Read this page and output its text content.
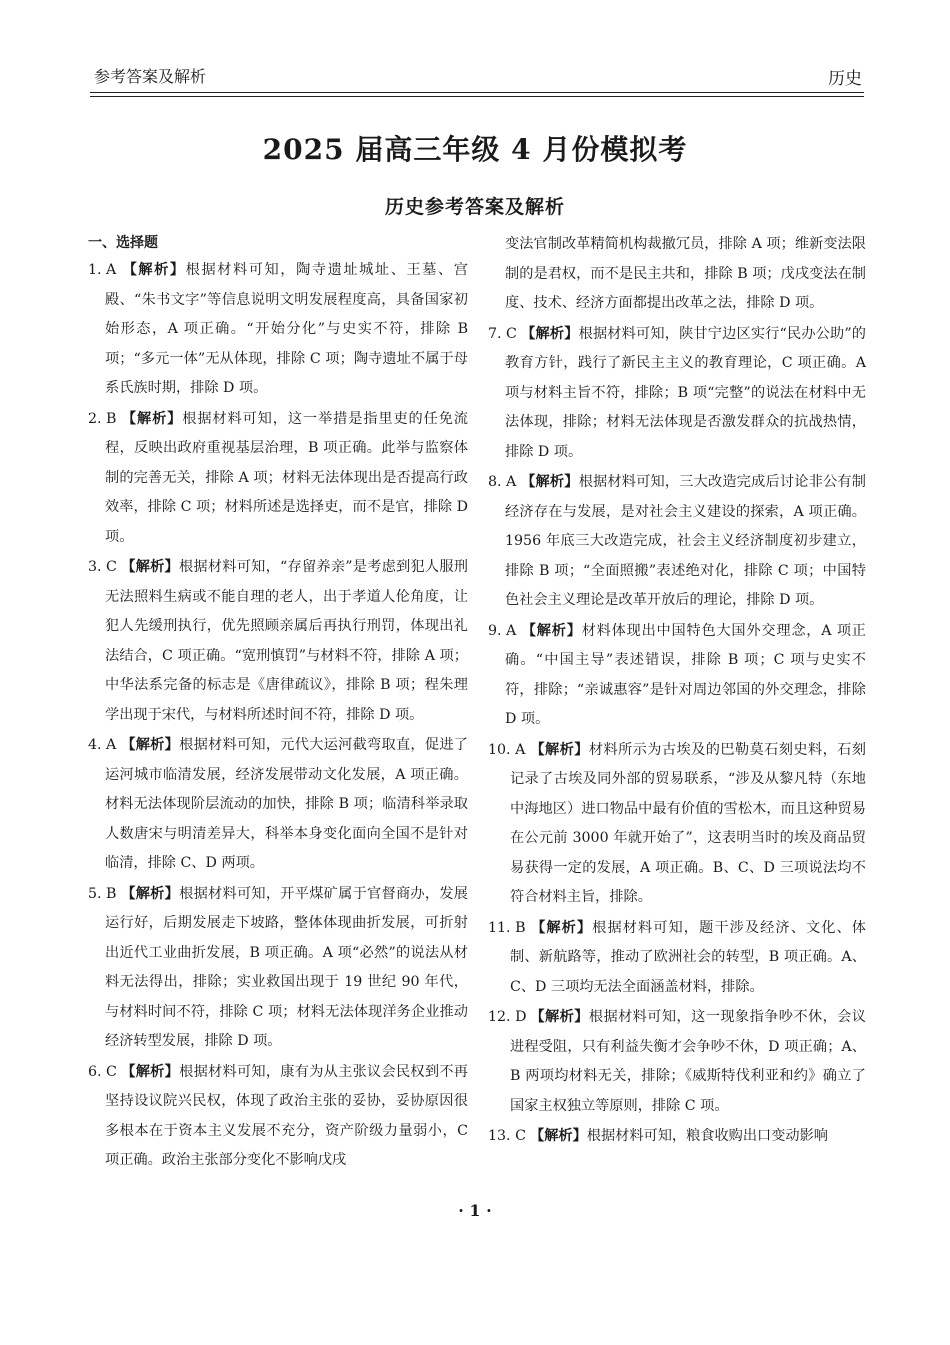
参考答案及解析	历史
2025 届高三年级 4 月份模拟考
历史参考答案及解析
一、选择题
1. A 【解析】根据材料可知，陶寺遗址城址、王墓、宫殿、“朱书文字”等信息说明文明发展程度高，具备国家初始形态，A 项正确。“开始分化”与史实不符，排除 B 项；“多元一体”无从体现，排除 C 项；陶寺遗址不属于母系氏族时期，排除 D 项。
2. B 【解析】根据材料可知，这一举措是指里吏的任免流程，反映出政府重视基层治理，B 项正确。此举与监察体制的完善无关，排除 A 项；材料无法体现出是否提高行政效率，排除 C 项；材料所述是选择吏，而不是官，排除 D 项。
3. C 【解析】根据材料可知，“存留养亲”是考虑到犯人服刑无法照料生病或不能自理的老人，出于孝道人伦角度，让犯人先缓刑执行，优先照顾亲属后再执行刑罚，体现出礼法结合，C 项正确。“宽刑慎罚”与材料不符，排除 A 项；中华法系完备的标志是《唐律疏议》，排除 B 项；程朱理学出现于宋代，与材料所述时间不符，排除 D 项。
4. A 【解析】根据材料可知，元代大运河截弯取直，促进了运河城市临清发展，经济发展带动文化发展，A 项正确。材料无法体现阶层流动的加快，排除 B 项；临清科举录取人数唐宋与明清差异大，科举本身变化面向全国不是针对临清，排除 C、D 两项。
5. B 【解析】根据材料可知，开平煤矿属于官督商办，发展运行好，后期发展走下坡路，整体体现曲折发展，可折射出近代工业曲折发展，B 项正确。A 项“必然”的说法从材料无法得出，排除；实业救国出现于 19 世纪 90 年代，与材料时间不符，排除 C 项；材料无法体现洋务企业推动经济转型发展，排除 D 项。
6. C 【解析】根据材料可知，康有为从主张议会民权到不再坚持设议院兴民权，体现了政治主张的妥协，妥协原因很多根本在于资本主义发展不充分，资产阶级力量弱小，C 项正确。政治主张部分变化不影响戊戌
变法官制改革精简机构裁撤冗员，排除 A 项；维新变法限制的是君权，而不是民主共和，排除 B 项；戊戌变法在制度、技术、经济方面都提出改革之法，排除 D 项。
7. C 【解析】根据材料可知，陕甘宁边区实行“民办公助”的教育方针，践行了新民主主义的教育理论，C 项正确。A 项与材料主旨不符，排除；B 项“完整”的说法在材料中无法体现，排除；材料无法体现是否激发群众的抗战热情，排除 D 项。
8. A 【解析】根据材料可知，三大改造完成后讨论非公有制经济存在与发展，是对社会主义建设的探索，A 项正确。1956 年底三大改造完成，社会主义经济制度初步建立，排除 B 项；“全面照搬”表述绝对化，排除 C 项；中国特色社会主义理论是改革开放后的理论，排除 D 项。
9. A 【解析】材料体现出中国特色大国外交理念，A 项正确。“中国主导”表述错误，排除 B 项；C 项与史实不符，排除；“亲诚惠容”是针对周边邻国的外交理念，排除 D 项。
10. A 【解析】材料所示为古埃及的巴勒莫石刻史料，石刻记录了古埃及同外部的贸易联系，“涉及从黎凡特（东地中海地区）进口物品中最有价值的雪松木，而且这种贸易在公元前 3000 年就开始了”，这表明当时的埃及商品贸易获得一定的发展，A 项正确。B、C、D 三项说法均不符合材料主旨，排除。
11. B 【解析】根据材料可知，题干涉及经济、文化、体制、新航路等，推动了欧洲社会的转型，B 项正确。A、C、D 三项均无法全面涵盖材料，排除。
12. D 【解析】根据材料可知，这一现象指争吵不休，会议进程受阻，只有利益失衡才会争吵不休，D 项正确；A、B 两项均材料无关，排除；《威斯特伐利亚和约》确立了国家主权独立等原则，排除 C 项。
13. C 【解析】根据材料可知，粮食收购出口变动影响
· 1 ·
